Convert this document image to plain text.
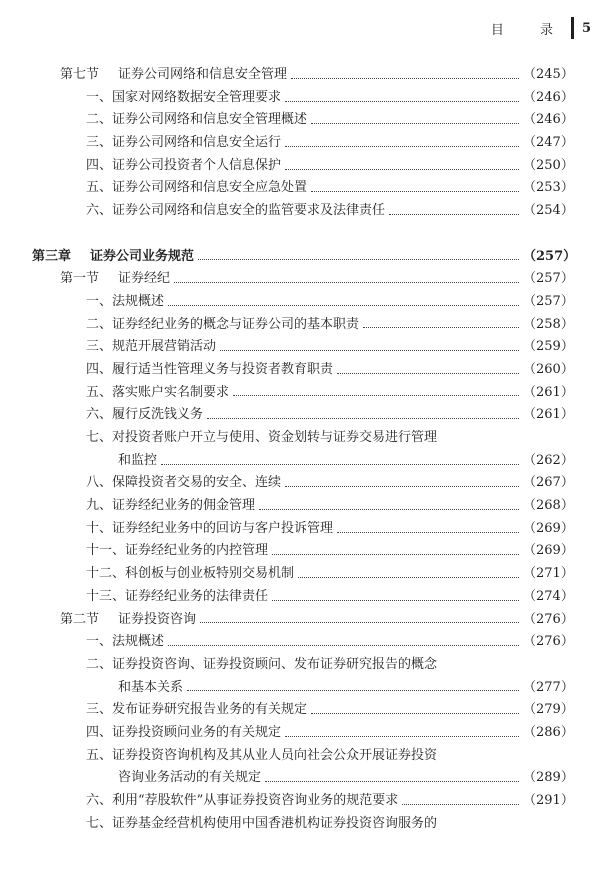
目 录 5
第七节	证券公司网络和信息安全管理	（245）
一、 国家对网络数据安全管理要求	（246）
二、 证券公司网络和信息安全管理概述	（246）
三、 证券公司网络和信息安全运行	（247）
四、 证券公司投资者个人信息保护	（250）
五、 证券公司网络和信息安全应急处置	（253）
六、 证券公司网络和信息安全的监管要求及法律责任	（254）
第三章	证券公司业务规范	（257）
第一节	证券经纪	（257）
一、 法规概述	（257）
二、 证券经纪业务的概念与证券公司的基本职责	（258）
三、 规范开展营销活动	（259）
四、 履行适当性管理义务与投资者教育职责	（260）
五、 落实账户实名制要求	（261）
六、 履行反洗钱义务	（261）
七、 对投资者账户开立与使用、资金划转与证券交易进行管理
和监控	（262）
八、 保障投资者交易的安全、连续	（267）
九、 证券经纪业务的佣金管理	（268）
十、 证券经纪业务中的回访与客户投诉管理	（269）
十一、 证券经纪业务的内控管理	（269）
十二、 科创板与创业板特别交易机制	（271）
十三、 证券经纪业务的法律责任	（274）
第二节	证券投资咨询	（276）
一、 法规概述	（276）
二、 证券投资咨询、证券投资顾问、发布证券研究报告的概念
和基本关系	（277）
三、 发布证券研究报告业务的有关规定	（279）
四、 证券投资顾问业务的有关规定	（286）
五、 证券投资咨询机构及其从业人员向社会公众开展证券投资
咨询业务活动的有关规定	（289）
六、 利用“荐股软件”从事证券投资咨询业务的规范要求	（291）
七、 证券基金经营机构使用中国香港机构证券投资咨询服务的
